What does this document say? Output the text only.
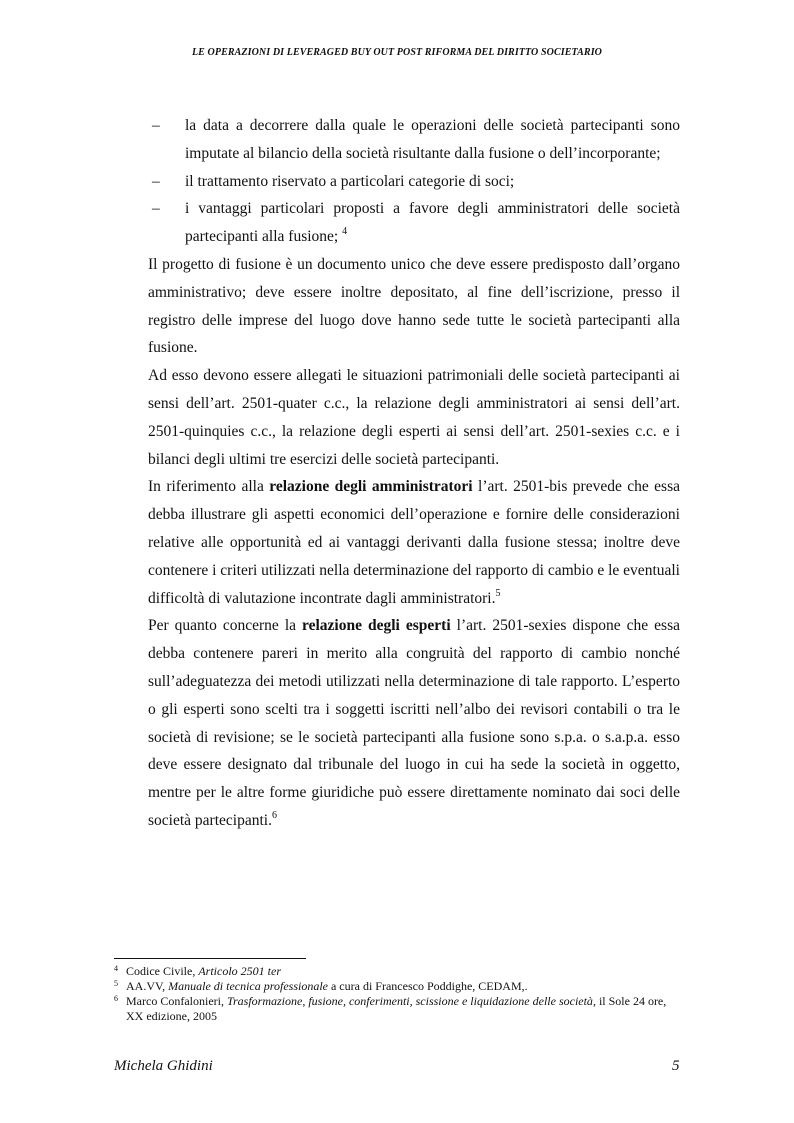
LE OPERAZIONI DI LEVERAGED BUY OUT POST RIFORMA DEL DIRITTO SOCIETARIO
– la data a decorrere dalla quale le operazioni delle società partecipanti sono imputate al bilancio della società risultante dalla fusione o dell’incorporante;
– il trattamento riservato a particolari categorie di soci;
– i vantaggi particolari proposti a favore degli amministratori delle società partecipanti alla fusione; $^4$

Il progetto di fusione è un documento unico che deve essere predisposto dall’organo amministrativo; deve essere inoltre depositato, al fine dell’iscrizione, presso il registro delle imprese del luogo dove hanno sede tutte le società partecipanti alla fusione.

Ad esso devono essere allegati le situazioni patrimoniali delle società partecipanti ai sensi dell’art. 2501-quater c.c., la relazione degli amministratori ai sensi dell’art. 2501-quinquies c.c., la relazione degli esperti ai sensi dell’art. 2501-sexies c.c. e i bilanci degli ultimi tre esercizi delle società partecipanti.

In riferimento alla relazione degli amministratori l’art. 2501-bis prevede che essa debba illustrare gli aspetti economici dell’operazione e fornire delle considerazioni relative alle opportunità ed ai vantaggi derivanti dalla fusione stessa; inoltre deve contenere i criteri utilizzati nella determinazione del rapporto di cambio e le eventuali difficoltà di valutazione incontrate dagli amministratori.$^5$

Per quanto concerne la relazione degli esperti l’art. 2501-sexies dispone che essa debba contenere pareri in merito alla congruità del rapporto di cambio nonché sull’adeguatezza dei metodi utilizzati nella determinazione di tale rapporto. L’esperto o gli esperti sono scelti tra i soggetti iscritti nell’albo dei revisori contabili o tra le società di revisione; se le società partecipanti alla fusione sono s.p.a. o s.a.p.a. esso deve essere designato dal tribunale del luogo in cui ha sede la società in oggetto, mentre per le altre forme giuridiche può essere direttamente nominato dai soci delle società partecipanti.$^6$

4 Codice Civile, Articolo 2501 ter
5 AA.VV, Manuale di tecnica professionale a cura di Francesco Poddighe, CEDAM,.
6 Marco Confalonieri, Trasformazione, fusione, conferimenti, scissione e liquidazione delle società, il Sole 24 ore, XX edizione, 2005
Michela Ghidini	5
